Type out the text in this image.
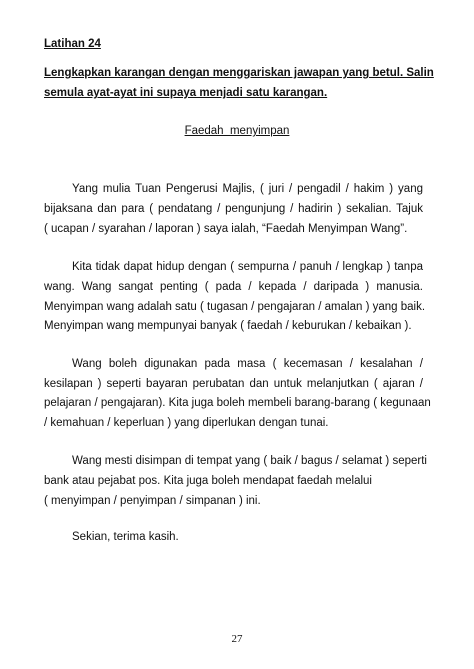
Latihan 24
Lengkapkan karangan dengan menggariskan jawapan yang betul. Salin
semula ayat-ayat ini supaya menjadi satu karangan.
Faedah  menyimpan
Yang mulia Tuan Pengerusi Majlis, ( juri / pengadil / hakim ) yang
bijaksana dan para ( pendatang / pengunjung / hadirin ) sekalian. Tajuk
( ucapan / syarahan / laporan ) saya ialah, “Faedah Menyimpan Wang”.
Kita tidak dapat hidup dengan ( sempurna / panuh / lengkap ) tanpa
wang. Wang sangat penting ( pada / kepada / daripada ) manusia.
Menyimpan wang adalah satu ( tugasan / pengajaran / amalan ) yang baik.
Menyimpan wang mempunyai banyak ( faedah / keburukan / kebaikan ).
Wang boleh digunakan pada masa ( kecemasan / kesalahan /
kesilapan ) seperti bayaran perubatan dan untuk melanjutkan ( ajaran /
pelajaran / pengajaran). Kita juga boleh membeli barang-barang ( kegunaan
/ kemahuan / keperluan ) yang diperlukan dengan tunai.
Wang mesti disimpan di tempat yang ( baik / bagus / selamat ) seperti
bank atau pejabat pos. Kita juga boleh mendapat faedah melalui
( menyimpan / penyimpan / simpanan ) ini.
Sekian, terima kasih.
27
